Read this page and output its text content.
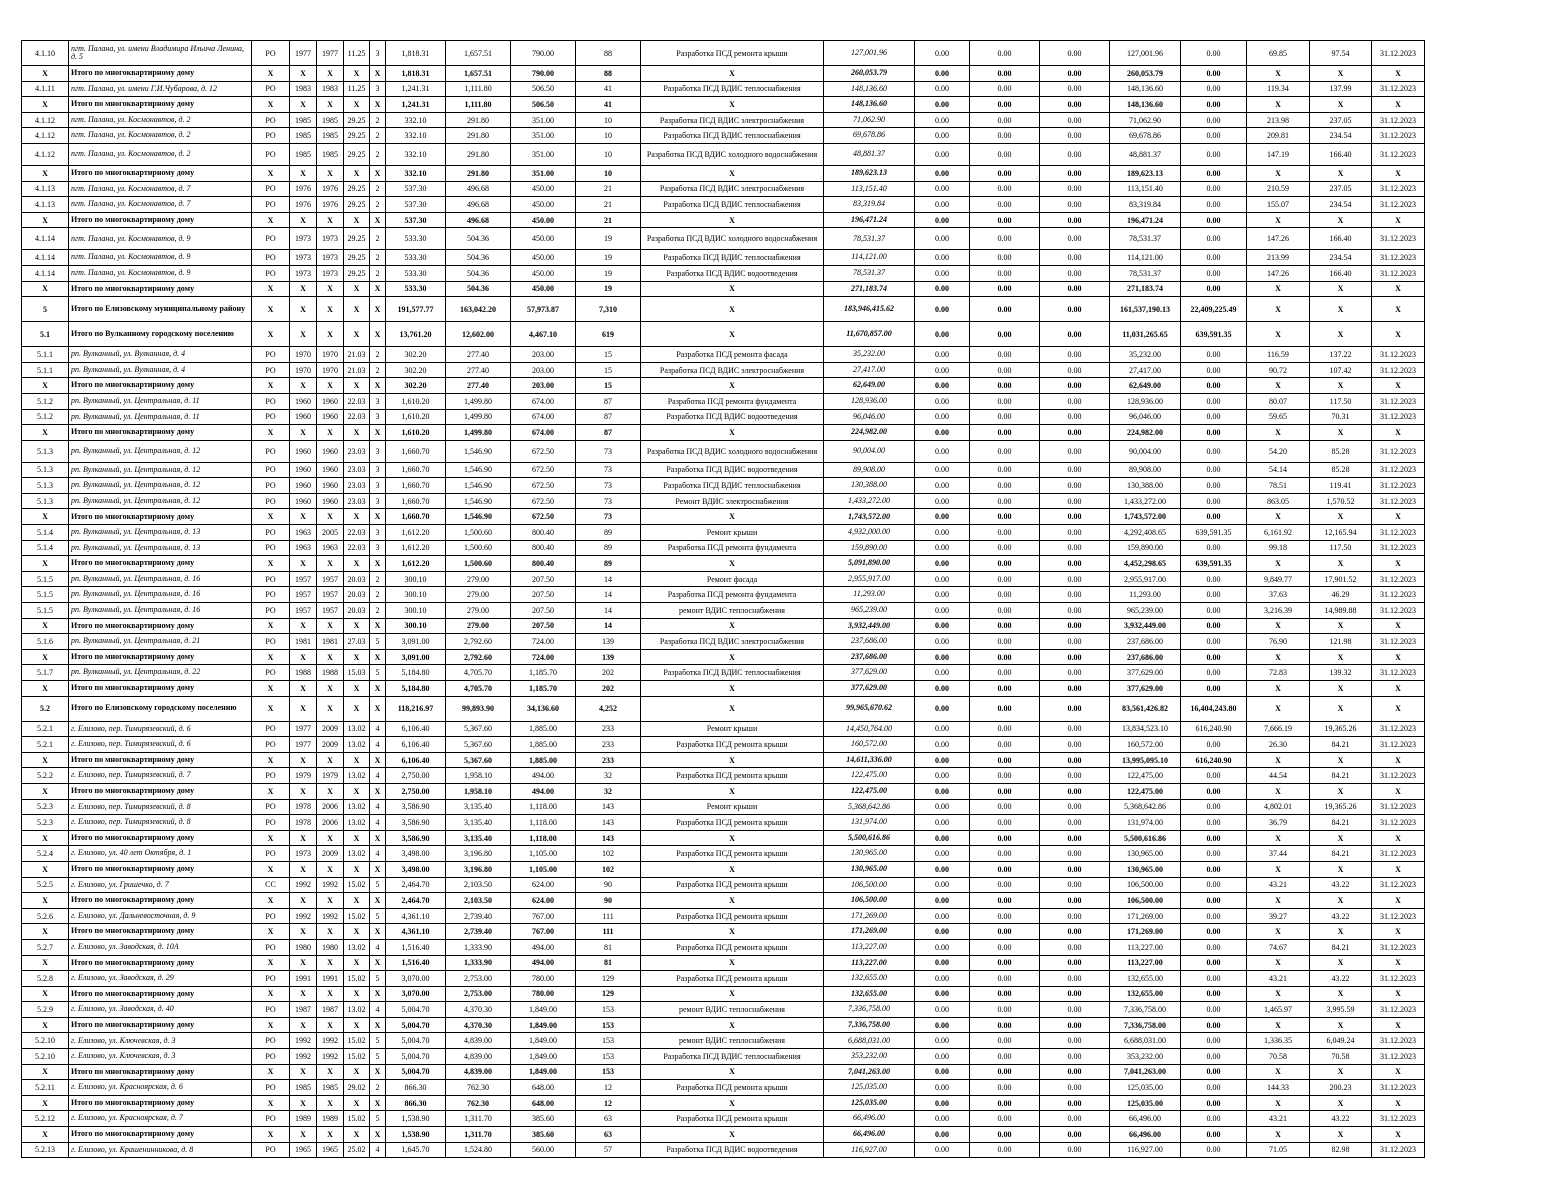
4.1.10	пгт. Палана, ул. имени Владимира Ильича Ленина, д. 5	РО	1977	1977	11.25	3	1,818.31	1,657.51	790.00	88	Разработка ПСД ремонта крыши	127,001.96	0.00	0.00	0.00	127,001.96	0.00	69.85	97.54	31.12.2023
X	Итого по многоквартирному дому	X	X	X	X	X	1,818.31	1,657.51	790.00	88	X	260,053.79	0.00	0.00	0.00	260,053.79	0.00	X	X	X
4.1.11	пгт. Палана, ул. имени Г.И.Чубарова, д. 12	РО	1983	1983	11.25	3	1,241.31	1,111.80	506.50	41	Разработка ПСД ВДИС теплоснабжения	148,136.60	0.00	0.00	0.00	148,136.60	0.00	119.34	137.99	31.12.2023
X	Итого по многоквартирному дому	X	X	X	X	X	1,241.31	1,111.80	506.50	41	X	148,136.60	0.00	0.00	0.00	148,136.60	0.00	X	X	X
4.1.12	пгт. Палана, ул. Космонавтов, д. 2	РО	1985	1985	29.25	2	332.10	291.80	351.00	10	Разработка ПСД ВДИС электроснабжения	71,062.90	0.00	0.00	0.00	71,062.90	0.00	213.98	237.05	31.12.2023
4.1.12	пгт. Палана, ул. Космонавтов, д. 2	РО	1985	1985	29.25	2	332.10	291.80	351.00	10	Разработка ПСД ВДИС теплоснабжения	69,678.86	0.00	0.00	0.00	69,678.86	0.00	209.81	234.54	31.12.2023
4.1.12	пгт. Палана, ул. Космонавтов, д. 2	РО	1985	1985	29.25	2	332.10	291.80	351.00	10	Разработка ПСД ВДИС холодного водоснабжения	48,881.37	0.00	0.00	0.00	48,881.37	0.00	147.19	166.40	31.12.2023
X	Итого по многоквартирному дому	X	X	X	X	X	332.10	291.80	351.00	10	X	189,623.13	0.00	0.00	0.00	189,623.13	0.00	X	X	X
4.1.13	пгт. Палана, ул. Космонавтов, д. 7	РО	1976	1976	29.25	2	537.30	496.68	450.00	21	Разработка ПСД ВДИС электроснабжения	113,151.40	0.00	0.00	0.00	113,151.40	0.00	210.59	237.05	31.12.2023
4.1.13	пгт. Палана, ул. Космонавтов, д. 7	РО	1976	1976	29.25	2	537.30	496.68	450.00	21	Разработка ПСД ВДИС теплоснабжения	83,319.84	0.00	0.00	0.00	83,319.84	0.00	155.07	234.54	31.12.2023
X	Итого по многоквартирному дому	X	X	X	X	X	537.30	496.68	450.00	21	X	196,471.24	0.00	0.00	0.00	196,471.24	0.00	X	X	X
4.1.14	пгт. Палана, ул. Космонавтов, д. 9	РО	1973	1973	29.25	2	533.30	504.36	450.00	19	Разработка ПСД ВДИС холодного водоснабжения	78,531.37	0.00	0.00	0.00	78,531.37	0.00	147.26	166.40	31.12.2023
4.1.14	пгт. Палана, ул. Космонавтов, д. 9	РО	1973	1973	29.25	2	533.30	504.36	450.00	19	Разработка ПСД ВДИС теплоснабжения	114,121.00	0.00	0.00	0.00	114,121.00	0.00	213.99	234.54	31.12.2023
4.1.14	пгт. Палана, ул. Космонавтов, д. 9	РО	1973	1973	29.25	2	533.30	504.36	450.00	19	Разработка ПСД ВДИС водоотведения	78,531.37	0.00	0.00	0.00	78,531.37	0.00	147.26	166.40	31.12.2023
X	Итого по многоквартирному дому	X	X	X	X	X	533.30	504.36	450.00	19	X	271,183.74	0.00	0.00	0.00	271,183.74	0.00	X	X	X
5	Итого по Елизовскому муниципальному району	X	X	X	X	X	191,577.77	163,042.20	57,973.87	7,310	X	183,946,415.62	0.00	0.00	0.00	161,537,190.13	22,409,225.49	X	X	X
5.1	Итого по Вулканному городскому поселению	X	X	X	X	X	13,761.20	12,602.00	4,467.10	619	X	11,670,857.00	0.00	0.00	0.00	11,031,265.65	639,591.35	X	X	X
5.1.1	рп. Вулканный, ул. Вулканная, д. 4	РО	1970	1970	21.03	2	302.20	277.40	203.00	15	Разработка ПСД ремонта фасада	35,232.00	0.00	0.00	0.00	35,232.00	0.00	116.59	137.22	31.12.2023
5.1.1	рп. Вулканный, ул. Вулканная, д. 4	РО	1970	1970	21.03	2	302.20	277.40	203.00	15	Разработка ПСД ВДИС электроснабжения	27,417.00	0.00	0.00	0.00	27,417.00	0.00	90.72	107.42	31.12.2023
X	Итого по многоквартирному дому	X	X	X	X	X	302.20	277.40	203.00	15	X	62,649.00	0.00	0.00	0.00	62,649.00	0.00	X	X	X
5.1.2	рп. Вулканный, ул. Центральная, д. 11	РО	1960	1960	22.03	3	1,610.20	1,499.80	674.00	87	Разработка ПСД ремонта фундамента	128,936.00	0.00	0.00	0.00	128,936.00	0.00	80.07	117.50	31.12.2023
5.1.2	рп. Вулканный, ул. Центральная, д. 11	РО	1960	1960	22.03	3	1,610.20	1,499.80	674.00	87	Разработка ПСД ВДИС водоотведения	96,046.00	0.00	0.00	0.00	96,046.00	0.00	59.65	70.31	31.12.2023
X	Итого по многоквартирному дому	X	X	X	X	X	1,610.20	1,499.80	674.00	87	X	224,982.00	0.00	0.00	0.00	224,982.00	0.00	X	X	X
5.1.3	рп. Вулканный, ул. Центральная, д. 12	РО	1960	1960	23.03	3	1,660.70	1,546.90	672.50	73	Разработка ПСД ВДИС холодного водоснабжения	90,004.00	0.00	0.00	0.00	90,004.00	0.00	54.20	85.28	31.12.2023
5.1.3	рп. Вулканный, ул. Центральная, д. 12	РО	1960	1960	23.03	3	1,660.70	1,546.90	672.50	73	Разработка ПСД ВДИС водоотведения	89,908.00	0.00	0.00	0.00	89,908.00	0.00	54.14	85.28	31.12.2023
5.1.3	рп. Вулканный, ул. Центральная, д. 12	РО	1960	1960	23.03	3	1,660.70	1,546.90	672.50	73	Разработка ПСД ВДИС теплоснабжения	130,388.00	0.00	0.00	0.00	130,388.00	0.00	78.51	119.41	31.12.2023
5.1.3	рп. Вулканный, ул. Центральная, д. 12	РО	1960	1960	23.03	3	1,660.70	1,546.90	672.50	73	Ремонт ВДИС электроснабжения	1,433,272.00	0.00	0.00	0.00	1,433,272.00	0.00	863.05	1,570.52	31.12.2023
X	Итого по многоквартирному дому	X	X	X	X	X	1,660.70	1,546.90	672.50	73	X	1,743,572.00	0.00	0.00	0.00	1,743,572.00	0.00	X	X	X
5.1.4	рп. Вулканный, ул. Центральная, д. 13	РО	1963	2005	22.03	3	1,612.20	1,500.60	800.40	89	Ремонт крыши	4,932,000.00	0.00	0.00	0.00	4,292,408.65	639,591.35	6,161.92	12,165.94	31.12.2023
5.1.4	рп. Вулканный, ул. Центральная, д. 13	РО	1963	1963	22.03	3	1,612.20	1,500.60	800.40	89	Разработка ПСД ремонта фундамента	159,890.00	0.00	0.00	0.00	159,890.00	0.00	99.18	117.50	31.12.2023
X	Итого по многоквартирному дому	X	X	X	X	X	1,612.20	1,500.60	800.40	89	X	5,091,890.00	0.00	0.00	0.00	4,452,298.65	639,591.35	X	X	X
5.1.5	рп. Вулканный, ул. Центральная, д. 16	РО	1957	1957	20.03	2	300.10	279.00	207.50	14	Ремонт фасада	2,955,917.00	0.00	0.00	0.00	2,955,917.00	0.00	9,849.77	17,901.52	31.12.2023
5.1.5	рп. Вулканный, ул. Центральная, д. 16	РО	1957	1957	20.03	2	300.10	279.00	207.50	14	Разработка ПСД ремонта фундамента	11,293.00	0.00	0.00	0.00	11,293.00	0.00	37.63	46.29	31.12.2023
5.1.5	рп. Вулканный, ул. Центральная, д. 16	РО	1957	1957	20.03	2	300.10	279.00	207.50	14	ремонт ВДИС теплоснабжения	965,239.00	0.00	0.00	0.00	965,239.00	0.00	3,216.39	14,989.88	31.12.2023
X	Итого по многоквартирному дому	X	X	X	X	X	300.10	279.00	207.50	14	X	3,932,449.00	0.00	0.00	0.00	3,932,449.00	0.00	X	X	X
5.1.6	рп. Вулканный, ул. Центральная, д. 21	РО	1981	1981	27.03	5	3,091.00	2,792.60	724.00	139	Разработка ПСД ВДИС электроснабжения	237,686.00	0.00	0.00	0.00	237,686.00	0.00	76.90	121.98	31.12.2023
X	Итого по многоквартирному дому	X	X	X	X	X	3,091.00	2,792.60	724.00	139	X	237,686.00	0.00	0.00	0.00	237,686.00	0.00	X	X	X
5.1.7	рп. Вулканный, ул. Центральная, д. 22	РО	1988	1988	15.03	5	5,184.80	4,705.70	1,185.70	202	Разработка ПСД ВДИС теплоснабжения	377,629.00	0.00	0.00	0.00	377,629.00	0.00	72.83	139.32	31.12.2023
X	Итого по многоквартирному дому	X	X	X	X	X	5,184.80	4,705.70	1,185.70	202	X	377,629.00	0.00	0.00	0.00	377,629.00	0.00	X	X	X
5.2	Итого по Елизовскому городскому поселению	X	X	X	X	X	118,216.97	99,893.90	34,136.60	4,252	X	99,965,670.62	0.00	0.00	0.00	83,561,426.82	16,404,243.80	X	X	X
5.2.1	г. Елизово, пер. Тимирязевский, д. 6	РО	1977	2009	13.02	4	6,106.40	5,367.60	1,885.00	233	Ремонт крыши	14,450,764.00	0.00	0.00	0.00	13,834,523.10	616,240.90	7,666.19	19,365.26	31.12.2023
5.2.1	г. Елизово, пер. Тимирязевский, д. 6	РО	1977	2009	13.02	4	6,106.40	5,367.60	1,885.00	233	Разработка ПСД ремонта крыши	160,572.00	0.00	0.00	0.00	160,572.00	0.00	26.30	84.21	31.12.2023
X	Итого по многоквартирному дому	X	X	X	X	X	6,106.40	5,367.60	1,885.00	233	X	14,611,336.00	0.00	0.00	0.00	13,995,095.10	616,240.90	X	X	X
5.2.2	г. Елизово, пер. Тимирязевский, д. 7	РО	1979	1979	13.02	4	2,750.00	1,958.10	494.00	32	Разработка ПСД ремонта крыши	122,475.00	0.00	0.00	0.00	122,475.00	0.00	44.54	84.21	31.12.2023
X	Итого по многоквартирному дому	X	X	X	X	X	2,750.00	1,958.10	494.00	32	X	122,475.00	0.00	0.00	0.00	122,475.00	0.00	X	X	X
5.2.3	г. Елизово, пер. Тимирязевский, д. 8	РО	1978	2006	13.02	4	3,586.90	3,135.40	1,118.00	143	Ремонт крыши	5,368,642.86	0.00	0.00	0.00	5,368,642.86	0.00	4,802.01	19,365.26	31.12.2023
5.2.3	г. Елизово, пер. Тимирязевский, д. 8	РО	1978	2006	13.02	4	3,586.90	3,135.40	1,118.00	143	Разработка ПСД ремонта крыши	131,974.00	0.00	0.00	0.00	131,974.00	0.00	36.79	84.21	31.12.2023
X	Итого по многоквартирному дому	X	X	X	X	X	3,586.90	3,135.40	1,118.00	143	X	5,500,616.86	0.00	0.00	0.00	5,500,616.86	0.00	X	X	X
5.2.4	г. Елизово, ул. 40 лет Октября, д. 1	РО	1973	2009	13.02	4	3,498.00	3,196.80	1,105.00	102	Разработка ПСД ремонта крыши	130,965.00	0.00	0.00	0.00	130,965.00	0.00	37.44	84.21	31.12.2023
X	Итого по многоквартирному дому	X	X	X	X	X	3,498.00	3,196.80	1,105.00	102	X	130,965.00	0.00	0.00	0.00	130,965.00	0.00	X	X	X
5.2.5	г. Елизово, ул. Гришечко, д. 7	СС	1992	1992	15.02	5	2,464.70	2,103.50	624.00	90	Разработка ПСД ремонта крыши	106,500.00	0.00	0.00	0.00	106,500.00	0.00	43.21	43.22	31.12.2023
X	Итого по многоквартирному дому	X	X	X	X	X	2,464.70	2,103.50	624.00	90	X	106,500.00	0.00	0.00	0.00	106,500.00	0.00	X	X	X
5.2.6	г. Елизово, ул. Дальневосточная, д. 9	РО	1992	1992	15.02	5	4,361.10	2,739.40	767.00	111	Разработка ПСД ремонта крыши	171,269.00	0.00	0.00	0.00	171,269.00	0.00	39.27	43.22	31.12.2023
X	Итого по многоквартирному дому	X	X	X	X	X	4,361.10	2,739.40	767.00	111	X	171,269.00	0.00	0.00	0.00	171,269.00	0.00	X	X	X
5.2.7	г. Елизово, ул. Заводская, д. 10А	РО	1980	1980	13.02	4	1,516.40	1,333.90	494.00	81	Разработка ПСД ремонта крыши	113,227.00	0.00	0.00	0.00	113,227.00	0.00	74.67	84.21	31.12.2023
X	Итого по многоквартирному дому	X	X	X	X	X	1,516.40	1,333.90	494.00	81	X	113,227.00	0.00	0.00	0.00	113,227.00	0.00	X	X	X
5.2.8	г. Елизово, ул. Заводская, д. 29	РО	1991	1991	15.02	5	3,070.00	2,753.00	780.00	129	Разработка ПСД ремонта крыши	132,655.00	0.00	0.00	0.00	132,655.00	0.00	43.21	43.22	31.12.2023
X	Итого по многоквартирному дому	X	X	X	X	X	3,070.00	2,753.00	780.00	129	X	132,655.00	0.00	0.00	0.00	132,655.00	0.00	X	X	X
5.2.9	г. Елизово, ул. Заводская, д. 40	РО	1987	1987	13.02	4	5,004.70	4,370.30	1,849.00	153	ремонт ВДИС теплоснабжения	7,336,758.00	0.00	0.00	0.00	7,336,758.00	0.00	1,465.97	3,995.59	31.12.2023
X	Итого по многоквартирному дому	X	X	X	X	X	5,004.70	4,370.30	1,849.00	153	X	7,336,758.00	0.00	0.00	0.00	7,336,758.00	0.00	X	X	X
5.2.10	г. Елизово, ул. Ключевская, д. 3	РО	1992	1992	15.02	5	5,004.70	4,839.00	1,849.00	153	ремонт ВДИС теплоснабжения	6,688,031.00	0.00	0.00	0.00	6,688,031.00	0.00	1,336.35	6,049.24	31.12.2023
5.2.10	г. Елизово, ул. Ключевская, д. 3	РО	1992	1992	15.02	5	5,004.70	4,839.00	1,849.00	153	Разработка ПСД ВДИС теплоснабжения	353,232.00	0.00	0.00	0.00	353,232.00	0.00	70.58	70.58	31.12.2023
X	Итого по многоквартирному дому	X	X	X	X	X	5,004.70	4,839.00	1,849.00	153	X	7,041,263.00	0.00	0.00	0.00	7,041,263.00	0.00	X	X	X
5.2.11	г. Елизово, ул. Красноярская, д. 6	РО	1985	1985	29.02	2	866.30	762.30	648.00	12	Разработка ПСД ремонта крыши	125,035.00	0.00	0.00	0.00	125,035.00	0.00	144.33	200.23	31.12.2023
X	Итого по многоквартирному дому	X	X	X	X	X	866.30	762.30	648.00	12	X	125,035.00	0.00	0.00	0.00	125,035.00	0.00	X	X	X
5.2.12	г. Елизово, ул. Красноярская, д. 7	РО	1989	1989	15.02	5	1,538.90	1,311.70	385.60	63	Разработка ПСД ремонта крыши	66,496.00	0.00	0.00	0.00	66,496.00	0.00	43.21	43.22	31.12.2023
X	Итого по многоквартирному дому	X	X	X	X	X	1,538.90	1,311.70	385.60	63	X	66,496.00	0.00	0.00	0.00	66,496.00	0.00	X	X	X
5.2.13	г. Елизово, ул. Крашенинникова, д. 8	РО	1965	1965	25.02	4	1,645.70	1,524.80	560.00	57	Разработка ПСД ВДИС водоотведения	116,927.00	0.00	0.00	0.00	116,927.00	0.00	71.05	82.98	31.12.2023
